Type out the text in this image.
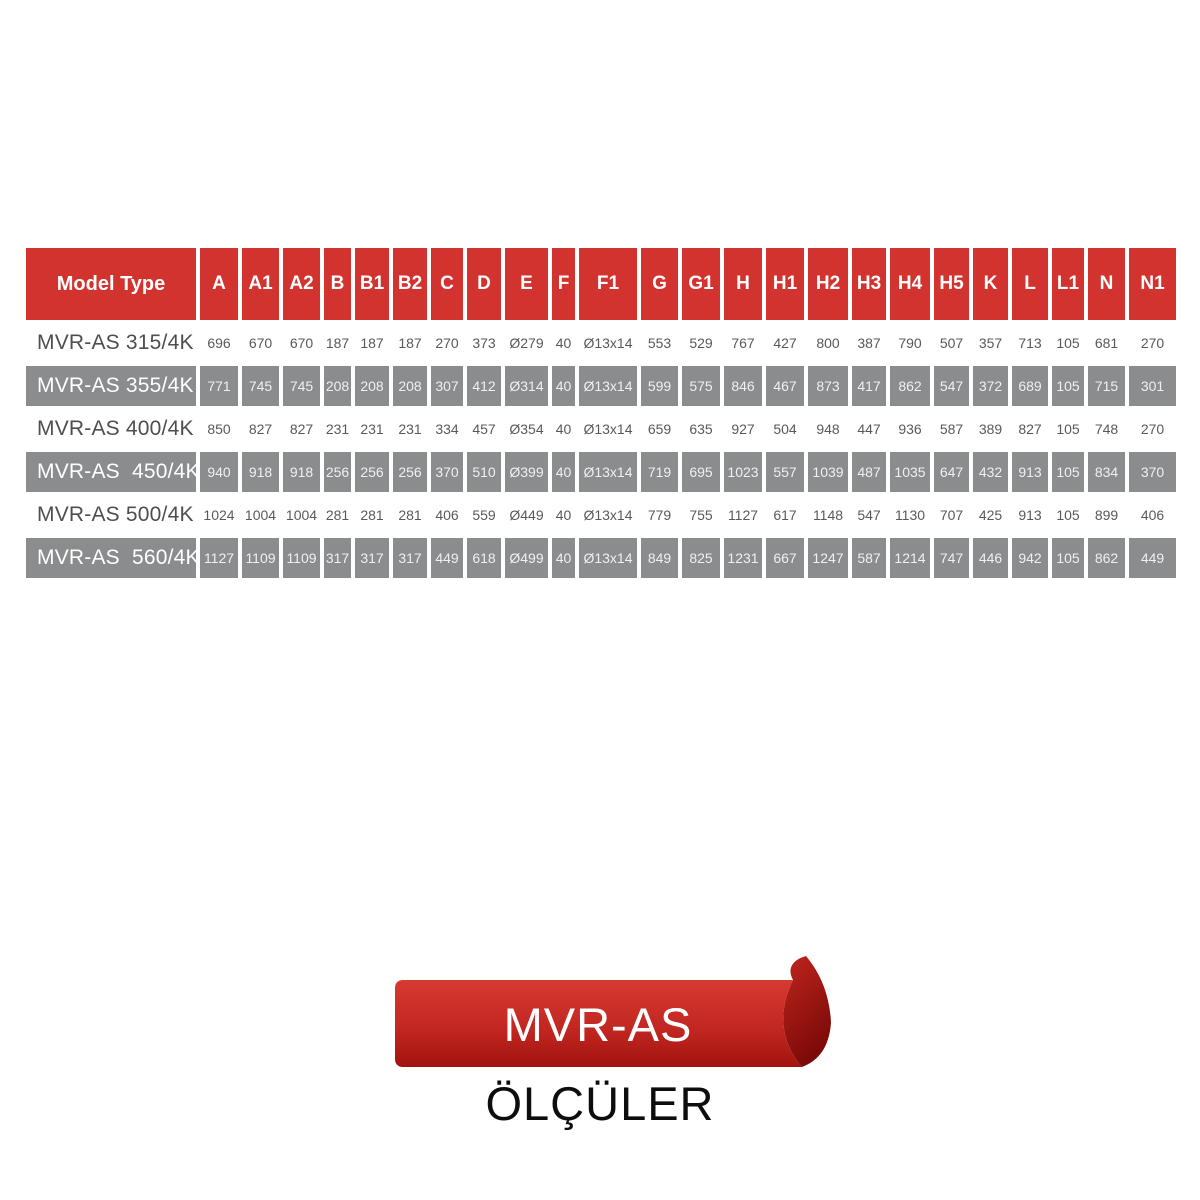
Model Type	A	A1	A2	B	B1	B2	C	D	E	F	F1	G	G1	H	H1	H2	H3	H4	H5	K	L	L1	N	N1
MVR-AS 315/4K	696	670	670	187	187	187	270	373	Ø279	40	Ø13x14	553	529	767	427	800	387	790	507	357	713	105	681	270
MVR-AS 355/4K	771	745	745	208	208	208	307	412	Ø314	40	Ø13x14	599	575	846	467	873	417	862	547	372	689	105	715	301
MVR-AS 400/4K	850	827	827	231	231	231	334	457	Ø354	40	Ø13x14	659	635	927	504	948	447	936	587	389	827	105	748	270
MVR-AS  450/4K	940	918	918	256	256	256	370	510	Ø399	40	Ø13x14	719	695	1023	557	1039	487	1035	647	432	913	105	834	370
MVR-AS 500/4K	1024	1004	1004	281	281	281	406	559	Ø449	40	Ø13x14	779	755	1127	617	1148	547	1130	707	425	913	105	899	406
MVR-AS  560/4K	1127	1109	1109	317	317	317	449	618	Ø499	40	Ø13x14	849	825	1231	667	1247	587	1214	747	446	942	105	862	449
MVR-AS
ÖLÇÜLER
